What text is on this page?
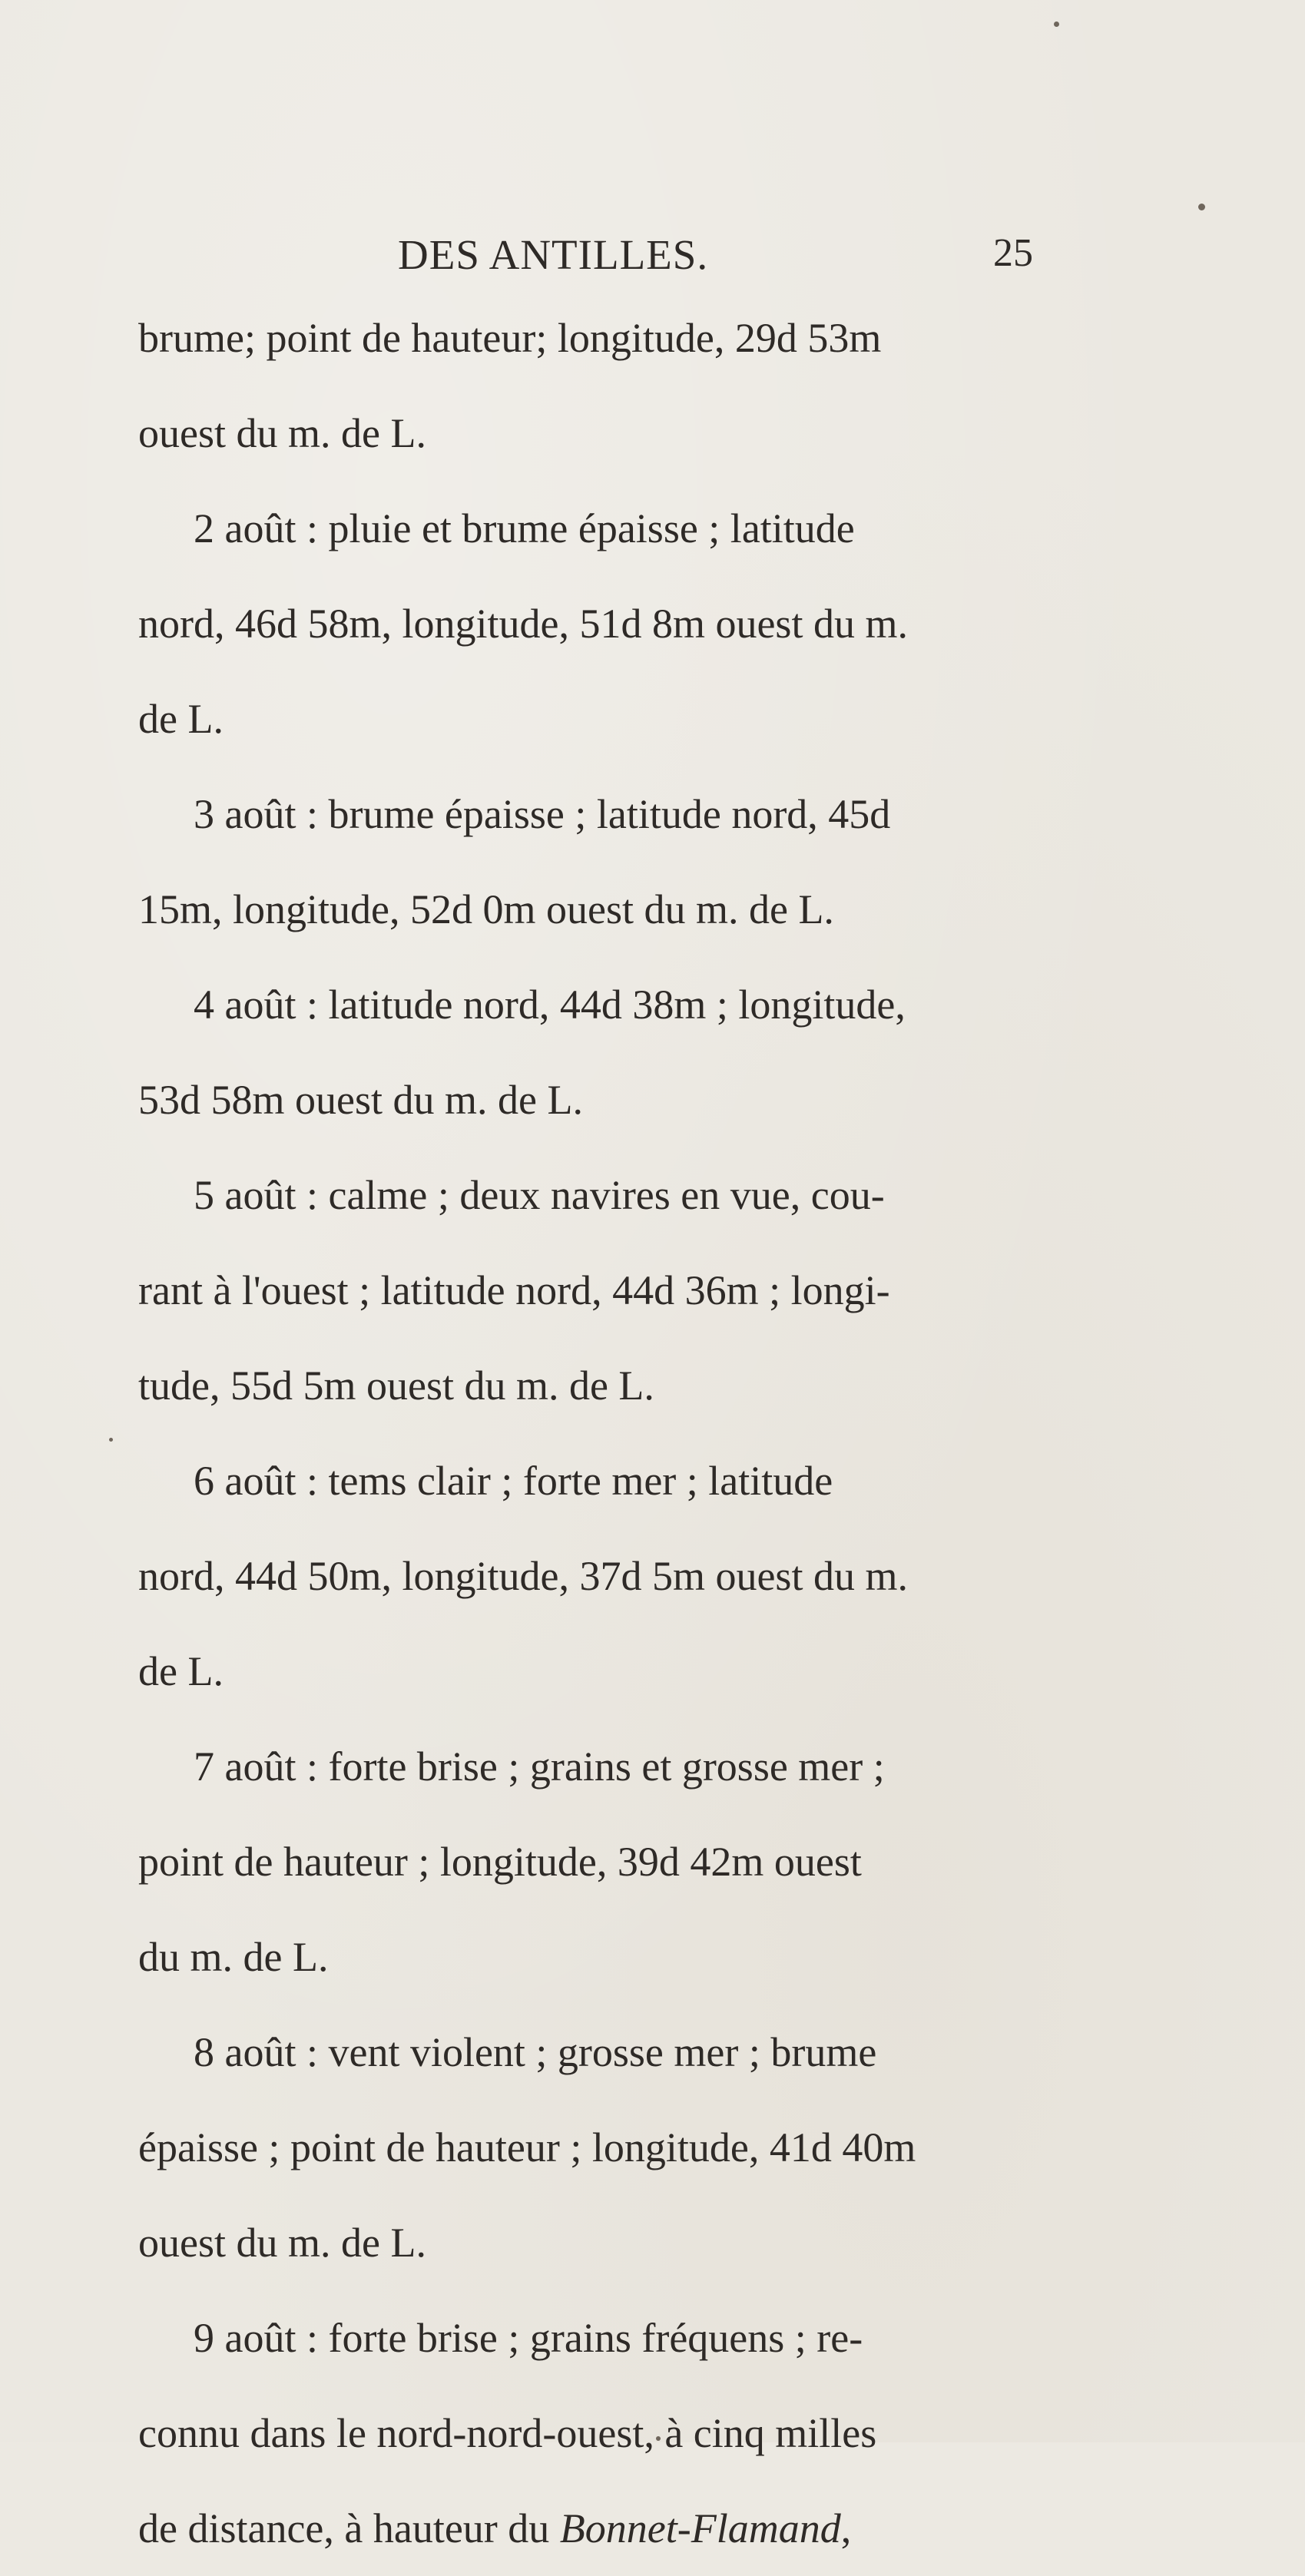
DES ANTILLES.	25
brume; point de hauteur; longitude, 29d 53m
ouest du m. de L.
2 août : pluie et brume épaisse ; latitude
nord, 46d 58m, longitude, 51d 8m ouest du m.
de L.
3 août : brume épaisse ; latitude nord, 45d
15m, longitude, 52d 0m ouest du m. de L.
4 août : latitude nord, 44d 38m ; longitude,
53d 58m ouest du m. de L.
5 août : calme ; deux navires en vue, cou-
rant à l'ouest ; latitude nord, 44d 36m ; longi-
tude, 55d 5m ouest du m. de L.
6 août : tems clair ; forte mer ; latitude
nord, 44d 50m, longitude, 37d 5m ouest du m.
de L.
7 août : forte brise ; grains et grosse mer ;
point de hauteur ; longitude, 39d 42m ouest
du m. de L.
8 août : vent violent ; grosse mer ; brume
épaisse ; point de hauteur ; longitude, 41d 40m
ouest du m. de L.
9 août : forte brise ; grains fréquens ; re-
connu dans le nord-nord-ouest, à cinq milles
de distance, à hauteur du Bonnet-Flamand,
